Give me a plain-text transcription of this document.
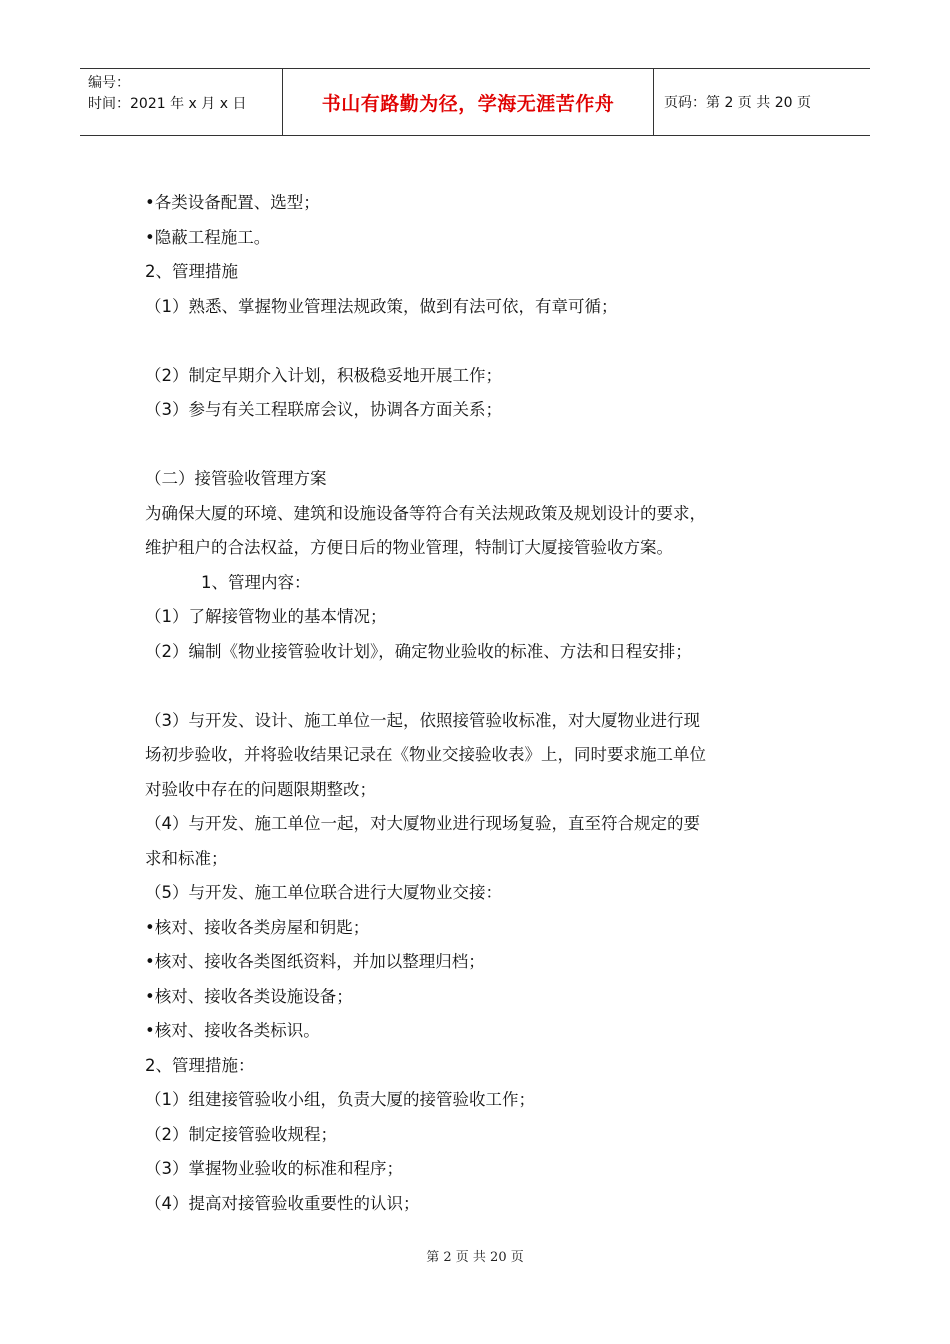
编号：
时间：2021 年 x 月 x 日	书山有路勤为径，学海无涯苦作舟	页码：第 2 页 共 20 页
•各类设备配置、选型；
•隐蔽工程施工。
2、管理措施
（1）熟悉、掌握物业管理法规政策，做到有法可依，有章可循；
（2）制定早期介入计划，积极稳妥地开展工作；
（3）参与有关工程联席会议，协调各方面关系；
（二）接管验收管理方案
为确保大厦的环境、建筑和设施设备等符合有关法规政策及规划设计的要求，
维护租户的合法权益，方便日后的物业管理，特制订大厦接管验收方案。
1、管理内容：
（1）了解接管物业的基本情况；
（2）编制《物业接管验收计划》，确定物业验收的标准、方法和日程安排；
（3）与开发、设计、施工单位一起，依照接管验收标准，对大厦物业进行现
场初步验收，并将验收结果记录在《物业交接验收表》上，同时要求施工单位
对验收中存在的问题限期整改；
（4）与开发、施工单位一起，对大厦物业进行现场复验，直至符合规定的要
求和标准；
（5）与开发、施工单位联合进行大厦物业交接：
•核对、接收各类房屋和钥匙；
•核对、接收各类图纸资料，并加以整理归档；
•核对、接收各类设施设备；
•核对、接收各类标识。
2、管理措施：
（1）组建接管验收小组，负责大厦的接管验收工作；
（2）制定接管验收规程；
（3）掌握物业验收的标准和程序；
（4）提高对接管验收重要性的认识；
第 2 页 共 20 页
